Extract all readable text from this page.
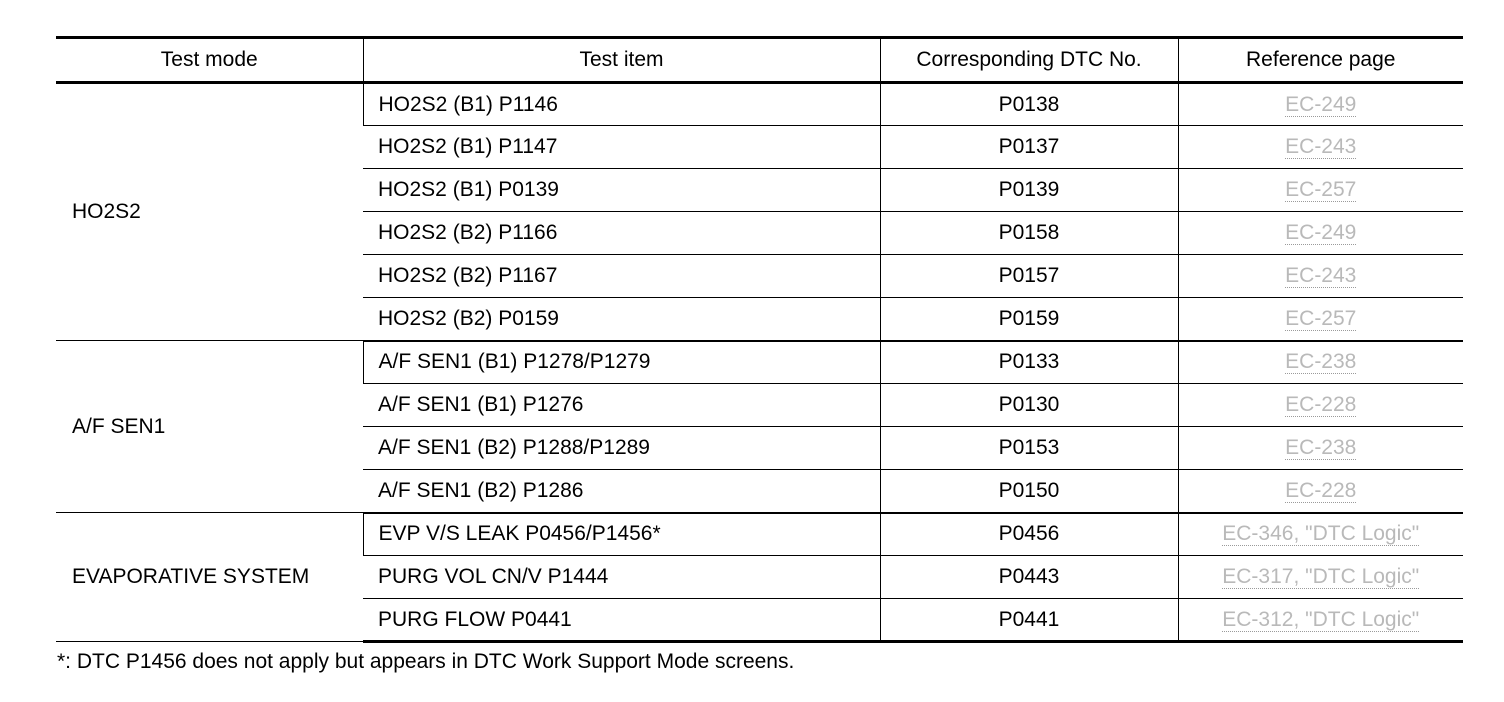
Test mode	Test item	Corresponding DTC No.	Reference page
HO2S2	HO2S2 (B1) P1146	P0138	EC-249
	HO2S2 (B1) P1147	P0137	EC-243
	HO2S2 (B1) P0139	P0139	EC-257
	HO2S2 (B2) P1166	P0158	EC-249
	HO2S2 (B2) P1167	P0157	EC-243
	HO2S2 (B2) P0159	P0159	EC-257
A/F SEN1	A/F SEN1 (B1) P1278/P1279	P0133	EC-238
	A/F SEN1 (B1) P1276	P0130	EC-228
	A/F SEN1 (B2) P1288/P1289	P0153	EC-238
	A/F SEN1 (B2) P1286	P0150	EC-228
EVAPORATIVE SYSTEM	EVP V/S LEAK P0456/P1456*	P0456	EC-346, "DTC Logic"
	PURG VOL CN/V P1444	P0443	EC-317, "DTC Logic"
	PURG FLOW P0441	P0441	EC-312, "DTC Logic"
*: DTC P1456 does not apply but appears in DTC Work Support Mode screens.
